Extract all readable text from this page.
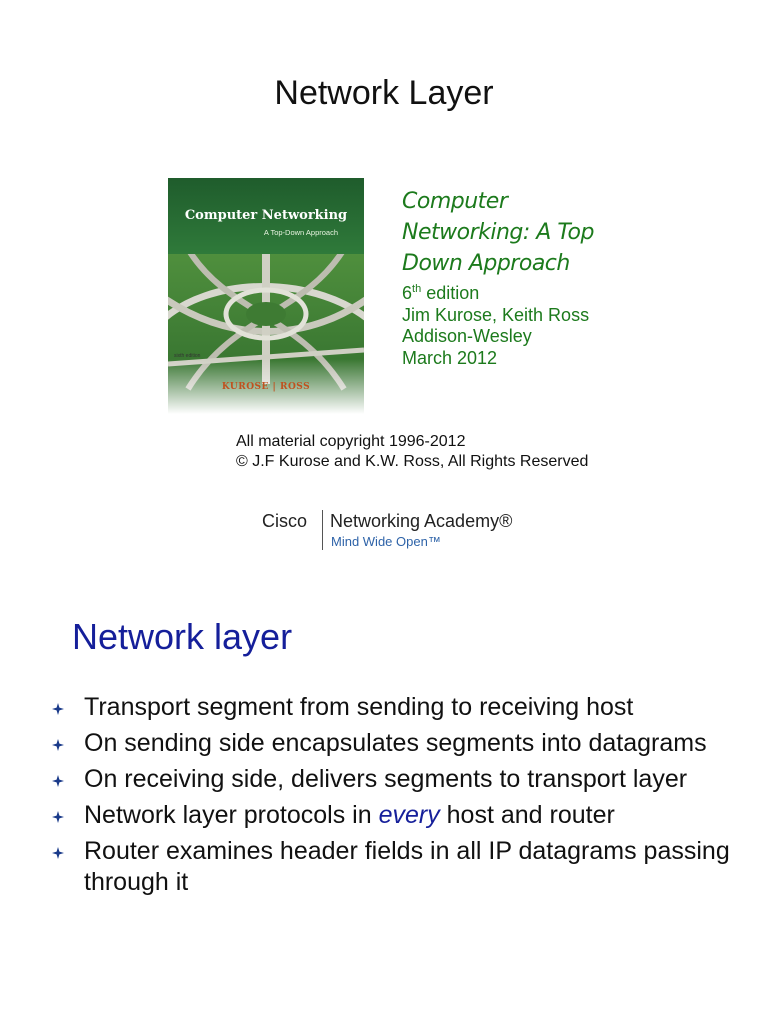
Network Layer
Computer Networking
A Top-Down Approach
sixth edition
KUROSE | ROSS
Computer
Networking: A Top
Down Approach
6th edition
Jim Kurose, Keith Ross
Addison-Wesley
March 2012
All material copyright 1996-2012
© J.F Kurose and K.W. Ross, All Rights Reserved
Cisco Networking Academy®
Mind Wide Open™
Network layer
Transport segment from sending to receiving host
On sending side encapsulates segments into datagrams
On receiving side, delivers segments to transport layer
Network layer protocols in every host and router
Router examines header fields in all IP datagrams passing through it
